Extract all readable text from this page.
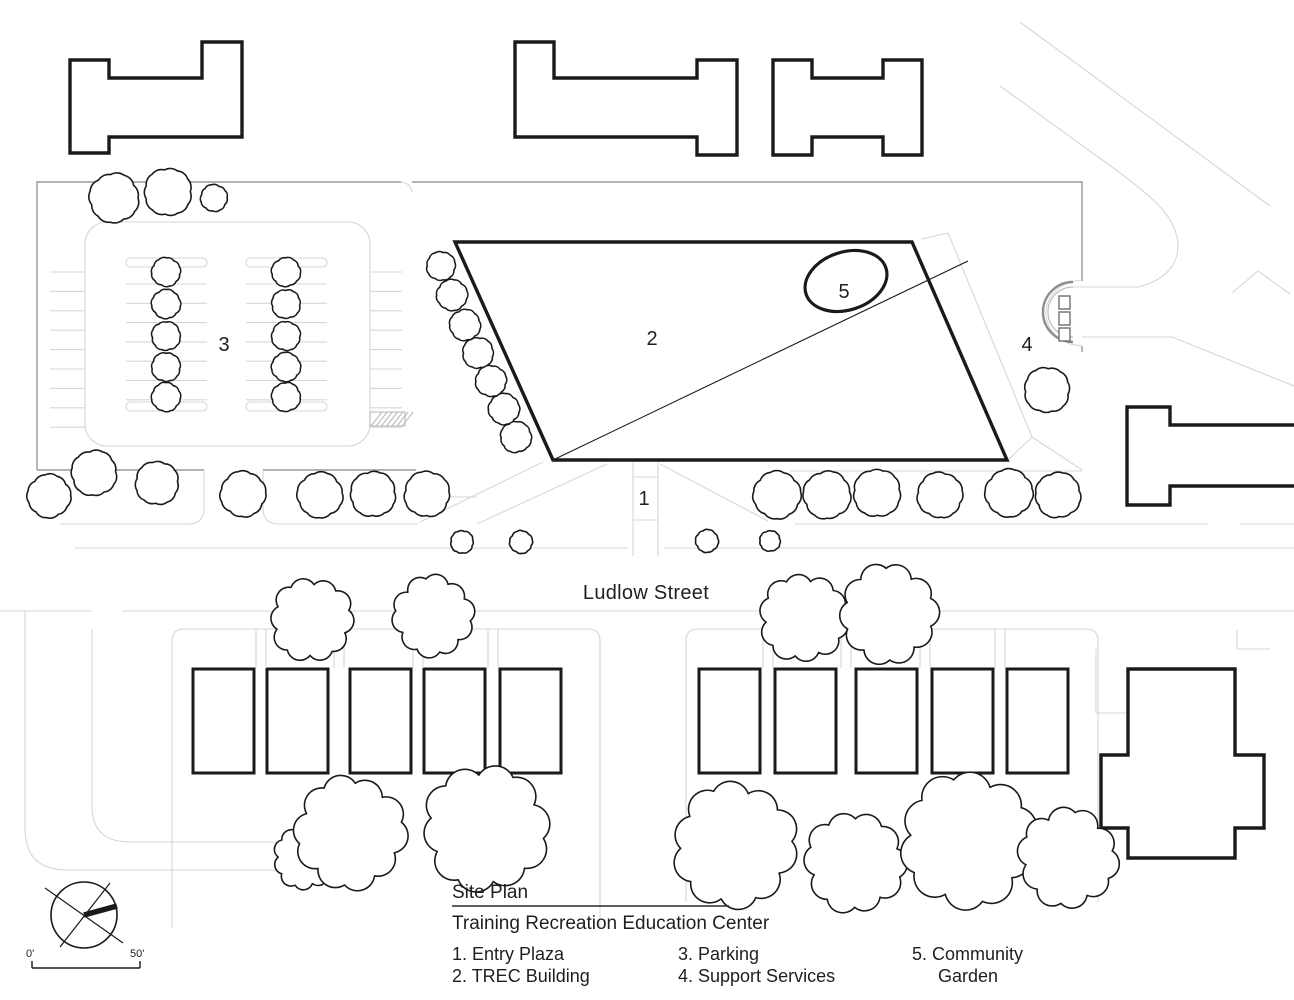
1
2
3	4
5
Ludlow Street
0'	50'
Site Plan
Training Recreation Education Center
1. Entry Plaza
2. TREC Building
3. Parking
4. Support Services
5. Community
Garden
